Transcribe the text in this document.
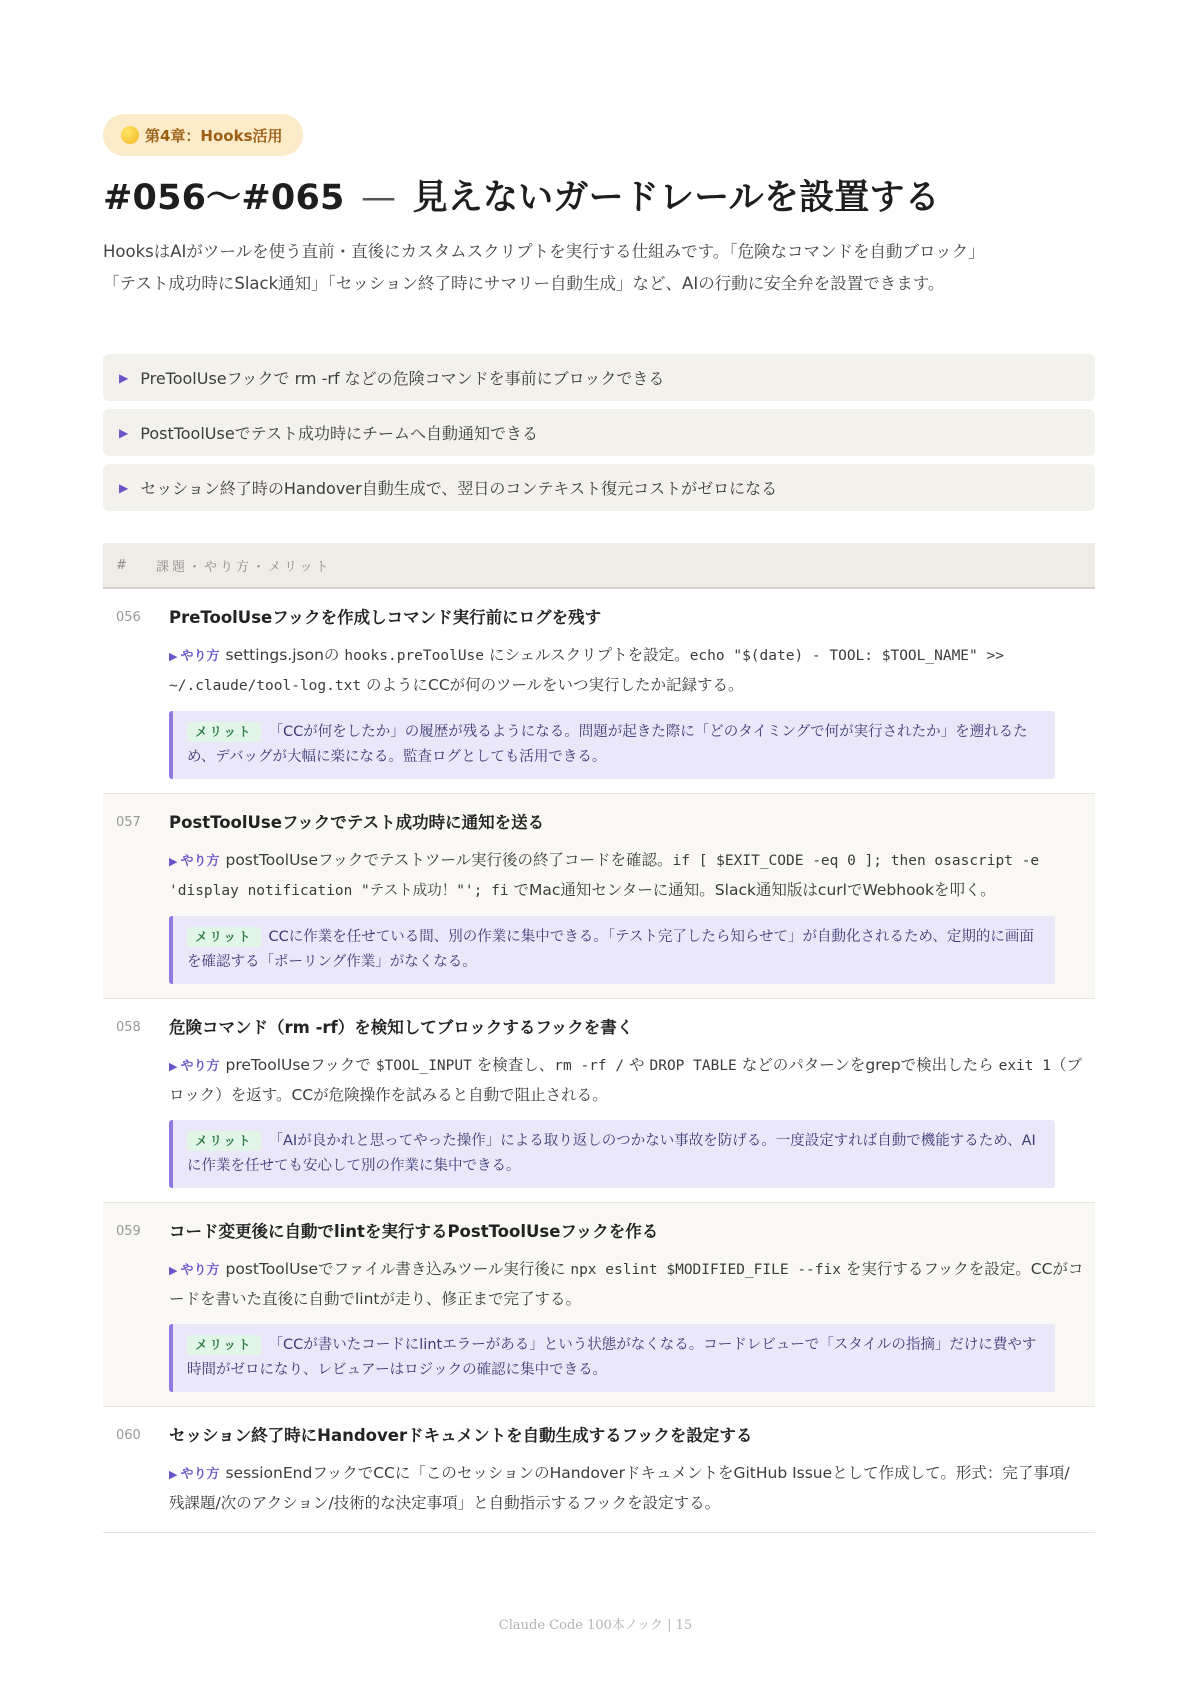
第4章：Hooks活用
#056〜#065 — 見えないガードレールを設置する

HooksはAIがツールを使う直前・直後にカスタムスクリプトを実行する仕組みです。「危険なコマンドを自動ブロック」「テスト成功時にSlack通知」「セッション終了時にサマリー自動生成」など、AIの行動に安全弁を設置できます。

▶ PreToolUseフックで rm -rf などの危険コマンドを事前にブロックできる
▶ PostToolUseでテスト成功時にチームへ自動通知できる
▶ セッション終了時のHandover自動生成で、翌日のコンテキスト復元コストがゼロになる
#	課題・やり方・メリット
056	PreToolUseフックを作成しコマンド実行前にログを残す

▶ やり方 settings.jsonの hooks.preToolUse にシェルスクリプトを設定。echo "$(date) - TOOL: $TOOL_NAME" >> ~/.claude/tool-log.txt のようにCCが何のツールをいつ実行したか記録する。

メリット 「CCが何をしたか」の履歴が残るようになる。問題が起きた際に「どのタイミングで何が実行されたか」を遡れるため、デバッグが大幅に楽になる。監査ログとしても活用できる。
057	PostToolUseフックでテスト成功時に通知を送る

▶ やり方 postToolUseフックでテストツール実行後の終了コードを確認。if [ $EXIT_CODE -eq 0 ]; then osascript -e 'display notification "テスト成功！"'; fi でMac通知センターに通知。Slack通知版はcurlでWebhookを叩く。

メリット CCに作業を任せている間、別の作業に集中できる。「テスト完了したら知らせて」が自動化されるため、定期的に画面を確認する「ポーリング作業」がなくなる。
058	危険コマンド（rm -rf）を検知してブロックするフックを書く

▶ やり方 preToolUseフックで $TOOL_INPUT を検査し、rm -rf / や DROP TABLE などのパターンをgrepで検出したら exit 1（ブロック）を返す。CCが危険操作を試みると自動で阻止される。

メリット 「AIが良かれと思ってやった操作」による取り返しのつかない事故を防げる。一度設定すれば自動で機能するため、AIに作業を任せても安心して別の作業に集中できる。
059	コード変更後に自動でlintを実行するPostToolUseフックを作る

▶ やり方 postToolUseでファイル書き込みツール実行後に npx eslint $MODIFIED_FILE --fix を実行するフックを設定。CCがコードを書いた直後に自動でlintが走り、修正まで完了する。

メリット 「CCが書いたコードにlintエラーがある」という状態がなくなる。コードレビューで「スタイルの指摘」だけに費やす時間がゼロになり、レビュアーはロジックの確認に集中できる。
060	セッション終了時にHandoverドキュメントを自動生成するフックを設定する

▶ やり方 sessionEndフックでCCに「このセッションのHandoverドキュメントをGitHub Issueとして作成して。形式：完了事項/残課題/次のアクション/技術的な決定事項」と自動指示するフックを設定する。

Claude Code 100本ノック | 15
